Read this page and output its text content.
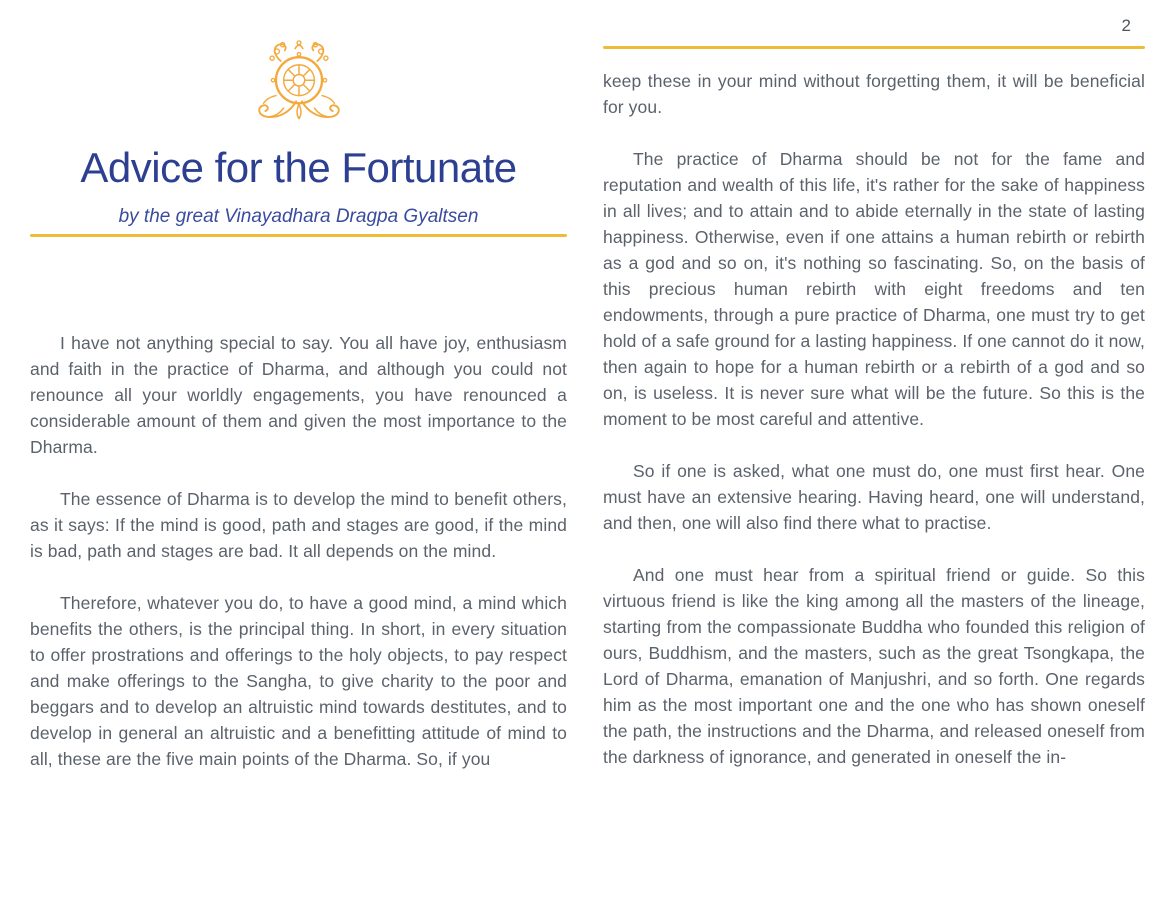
Advice for the Fortunate
by the great Vinayadhara Dragpa Gyaltsen

I have not anything special to say. You all have joy, enthusiasm and faith in the practice of Dharma, and although you could not renounce all your worldly engagements, you have renounced a considerable amount of them and given the most importance to the Dharma.

The essence of Dharma is to develop the mind to benefit others, as it says: If the mind is good, path and stages are good, if the mind is bad, path and stages are bad. It all depends on the mind.

Therefore, whatever you do, to have a good mind, a mind which benefits the others, is the principal thing. In short, in every situation to offer prostrations and offerings to the holy objects, to pay respect and make offerings to the Sangha, to give charity to the poor and beggars and to develop an altruistic mind towards destitutes, and to develop in general an altruistic and a benefitting attitude of mind to all, these are the five main points of the Dharma. So, if you

2

keep these in your mind without forgetting them, it will be beneficial for you.

The practice of Dharma should be not for the fame and reputation and wealth of this life, it's rather for the sake of happiness in all lives; and to attain and to abide eternally in the state of lasting happiness. Otherwise, even if one attains a human rebirth or rebirth as a god and so on, it's nothing so fascinating. So, on the basis of this precious human rebirth with eight freedoms and ten endowments, through a pure practice of Dharma, one must try to get hold of a safe ground for a lasting happiness. If one cannot do it now, then again to hope for a human rebirth or a rebirth of a god and so on, is useless. It is never sure what will be the future. So this is the moment to be most careful and attentive.

So if one is asked, what one must do, one must first hear. One must have an extensive hearing. Having heard, one will understand, and then, one will also find there what to practise.

And one must hear from a spiritual friend or guide. So this virtuous friend is like the king among all the masters of the lineage, starting from the compassionate Buddha who founded this religion of ours, Buddhism, and the masters, such as the great Tsongkapa, the Lord of Dharma, emanation of Manjushri, and so forth. One regards him as the most important one and the one who has shown oneself the path, the instructions and the Dharma, and released oneself from the darkness of ignorance, and generated in oneself the in-
